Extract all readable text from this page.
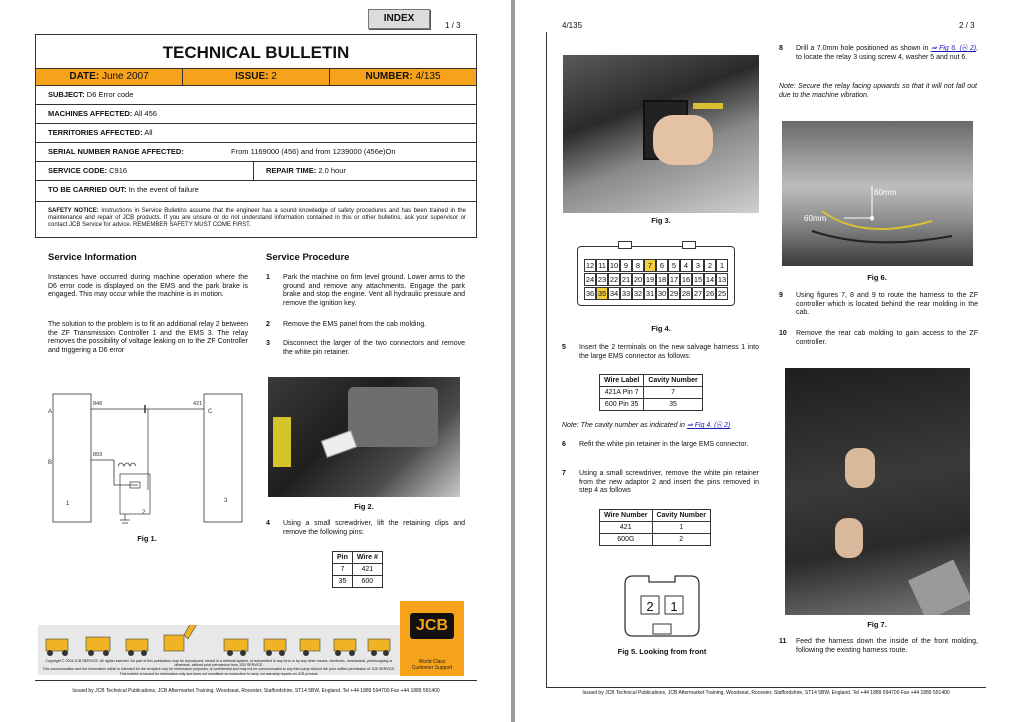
INDEX
1 / 3
TECHNICAL BULLETIN
DATE: June 2007	ISSUE: 2	NUMBER: 4/135
SUBJECT: D6 Error code
MACHINES AFFECTED: All 456
TERRITORIES AFFECTED: All
SERIAL NUMBER RANGE AFFECTED:	From 1169000 (456) and from 1239000 (456e)On
SERVICE CODE: C916	REPAIR TIME: 2.0 hour
TO BE CARRIED OUT: In the event of failure
SAFETY NOTICE: Instructions in Service Bulletins assume that the engineer has a sound knowledge of safety procedures and has been trained in the maintenance and repair of JCB products. If you are unsure or do not understand information contained in this or other bulletins, ask your supervisor or contact JCB Service for advice. REMEMBER SAFETY MUST COME FIRST.
Service Information
Instances have occurred during machine operation where the D6 error code is displayed on the EMS and the park brake is engaged. This may occur while the machine is in motion.
The solution to the problem is to fit an additional relay 2 between the ZF Transmission Controller 1 and the EMS 3. The relay removes the possibility of voltage leaking on to the ZF Controller and triggering a D6 error
Service Procedure
1 Park the machine on firm level ground. Lower arms to the ground and remove any attachments. Engage the park brake and stop the engine. Vent all hydraulic pressure and remove the ignition key.
2 Remove the EMS panel from the cab molding.
3 Disconnect the larger of the two connectors and remove the white pin retainer.
A
B
C
848
893
421
1
2
3
Fig 1.
Fig 2.
4 Using a small screwdriver, lift the retaining clips and remove the following pins:
Pin	Wire #
7	421
35	600
Copyright © 2004 JCB SERVICE. All rights reserved. No part of this publication may be reproduced, stored in a retrieval system, or transmitted in any form or by any other means, electronic, mechanical, photocopying or otherwise, without prior permission from JCB SERVICE.
This communication and the information within is intended for the recipient only for information purposes, is confidential and may not be communicated to any third party without the prior written permission of JCB SERVICE.
This bulletin is issued for information only and does not constitute an instruction to carry out warranty repairs on JCB product.
JCB
World Class
Customer Support
Issued by JCB Technical Publications, JCB Aftermarket Training, Woodseat, Rocester, Staffordshire, ST14 5BW, England. Tel +44 1889 594700 Fax +44 1889 591400
4/135	2 / 3
Fig 3.
12 11 10 9	8	7	6	5	4	3	2	1
24 23 22 21 20 19 18 17 16 15 14 13
36 35 34 33 32 31 30 29 28 27 26 25
Fig 4.
5 Insert the 2 terminals on the new salvage harness 1 into the large EMS connector as follows:
Wire Label	Cavity Number
421A Pin 7	7
600 Pin 35	35
Note: The cavity number as indicated in ⇒ Fig 4. (⎘ 2)
6 Refit the white pin retainer in the large EMS connector.
7 Using a small screwdriver, remove the white pin retainer from the new adaptor 2 and insert the pins removed in step 4 as follows
Wire Number	Cavity Number
421	1
600G	2
2 1
Fig 5. Looking from front
8 Drill a 7.0mm hole positioned as shown in ⇒ Fig 6. (⎘ 2), to locate the relay 3 using screw 4, washer 5 and nut 6.
Note: Secure the relay facing upwards so that it will not fall out due to the machine vibration.
60mm
60mm
Fig 6.
9 Using figures 7, 8 and 9 to route the harness to the ZF controller which is located behind the rear molding in the cab.
10 Remove the rear cab molding to gain access to the ZF controller.
Fig 7.
11 Feed the harness down the inside of the front molding, following the existing harness route.
Issued by JCB Technical Publications, JCB Aftermarket Training, Woodseat, Rocester, Staffordshire, ST14 5BW, England. Tel +44 1889 594700 Fax +44 1889 591400
